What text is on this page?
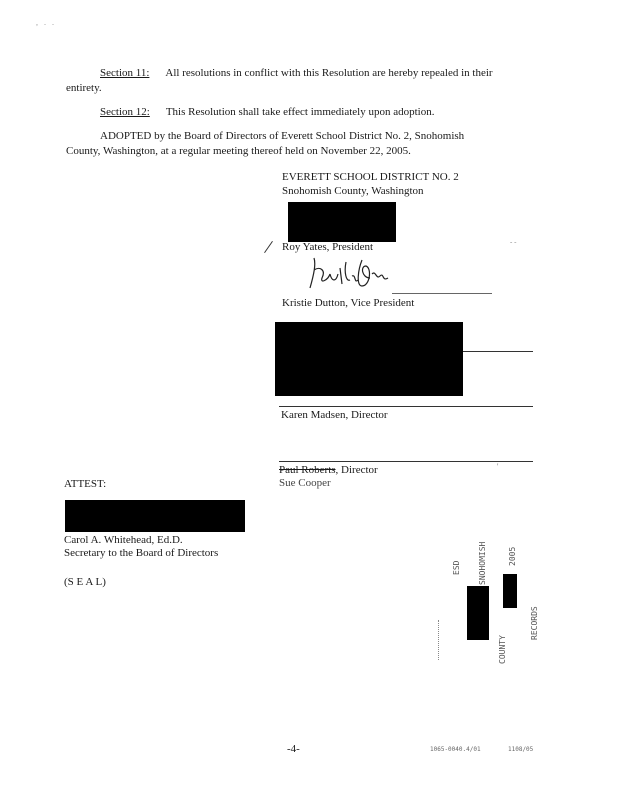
, . .
Section 11: All resolutions in conflict with this Resolution are hereby repealed in their
entirety.
Section 12: This Resolution shall take effect immediately upon adoption.
ADOPTED by the Board of Directors of Everett School District No. 2, Snohomish
County, Washington, at a regular meeting thereof held on November 22, 2005.
EVERETT SCHOOL DISTRICT NO. 2
Snohomish County, Washington
Roy Yates, President	- -
Kristie Dutton, Vice President
Karen Madsen, Director
Paul Roberts, Director	'
Sue Cooper
ATTEST:
Carol A. Whitehead, Ed.D.
Secretary to the Board of Directors
(S E A L)
ESD SNOHOMISH
COUNTY
RECORDS
2005
-4-	1065-0040.4/01	1108/05
